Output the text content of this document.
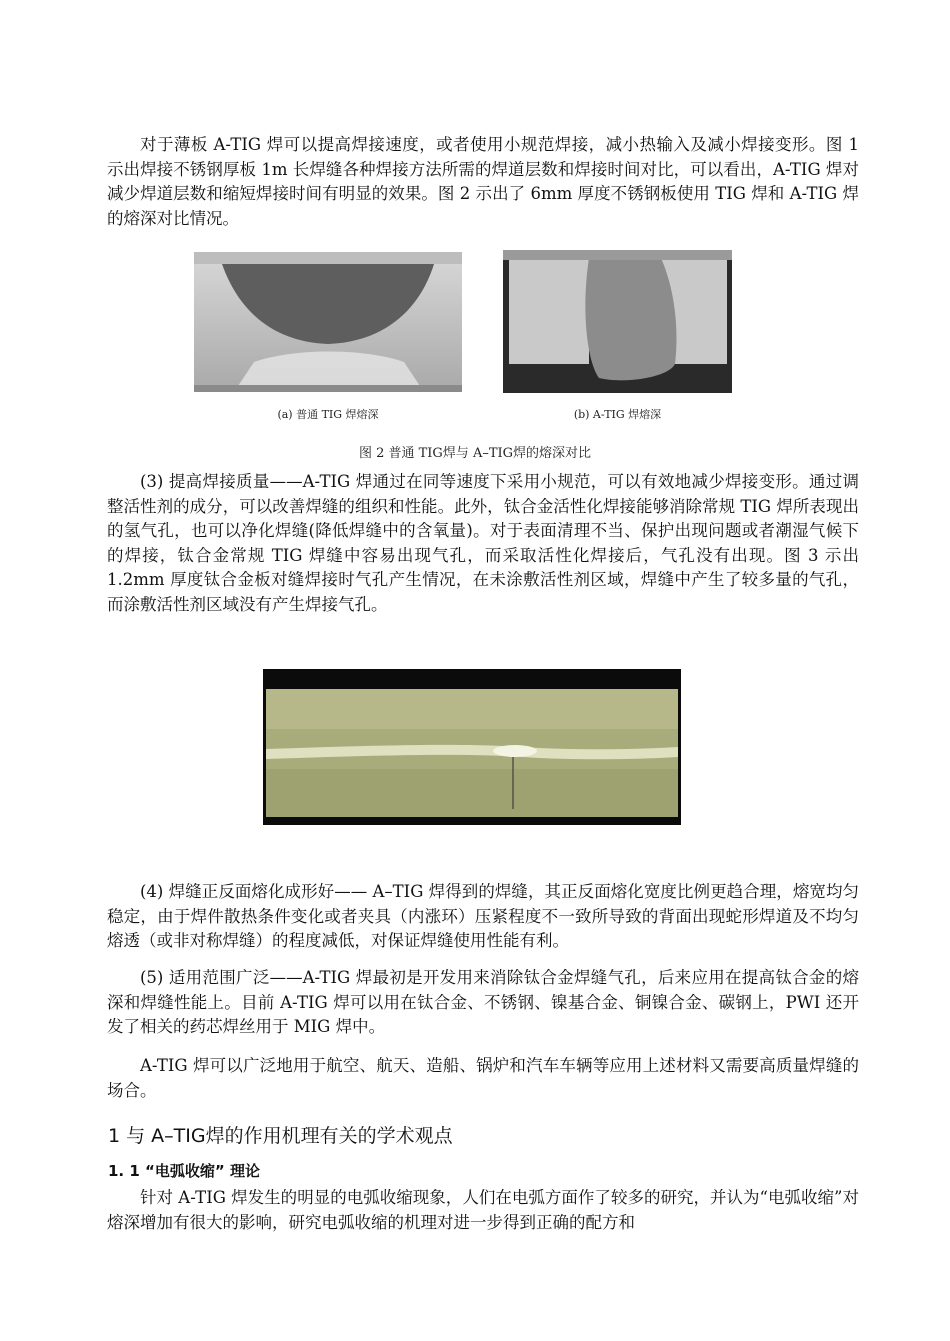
对于薄板 A-TIG 焊可以提高焊接速度，或者使用小规范焊接，减小热输入及减小焊接变形。图 1 示出焊接不锈钢厚板 1m 长焊缝各种焊接方法所需的焊道层数和焊接时间对比，可以看出，A-TIG 焊对减少焊道层数和缩短焊接时间有明显的效果。图 2 示出了 6mm 厚度不锈钢板使用 TIG 焊和 A-TIG 焊的熔深对比情况。

(a) 普通 TIG 焊熔深	(b) A-TIG 焊熔深
图 2 普通 TIG焊与 A–TIG焊的熔深对比

(3) 提高焊接质量——A-TIG 焊通过在同等速度下采用小规范，可以有效地减少焊接变形。通过调整活性剂的成分，可以改善焊缝的组织和性能。此外，钛合金活性化焊接能够消除常规 TIG 焊所表现出的氢气孔，也可以净化焊缝(降低焊缝中的含氧量)。对于表面清理不当、保护出现问题或者潮湿气候下的焊接，钛合金常规 TIG 焊缝中容易出现气孔，而采取活性化焊接后，气孔没有出现。图 3 示出 1.2mm 厚度钛合金板对缝焊接时气孔产生情况，在未涂敷活性剂区域，焊缝中产生了较多量的气孔，而涂敷活性剂区域没有产生焊接气孔。

(4) 焊缝正反面熔化成形好—— A–TIG 焊得到的焊缝，其正反面熔化宽度比例更趋合理，熔宽均匀稳定，由于焊件散热条件变化或者夹具（内涨环）压紧程度不一致所导致的背面出现蛇形焊道及不均匀熔透（或非对称焊缝）的程度减低，对保证焊缝使用性能有利。

(5) 适用范围广泛——A-TIG 焊最初是开发用来消除钛合金焊缝气孔，后来应用在提高钛合金的熔深和焊缝性能上。目前 A-TIG 焊可以用在钛合金、不锈钢、镍基合金、铜镍合金、碳钢上，PWI 还开发了相关的药芯焊丝用于 MIG 焊中。

A-TIG 焊可以广泛地用于航空、航天、造船、锅炉和汽车车辆等应用上述材料又需要高质量焊缝的场合。

1 与 A–TIG焊的作用机理有关的学术观点
1. 1 “电弧收缩” 理论

针对 A-TIG 焊发生的明显的电弧收缩现象，人们在电弧方面作了较多的研究，并认为“电弧收缩”对熔深增加有很大的影响，研究电弧收缩的机理对进一步得到正确的配方和
